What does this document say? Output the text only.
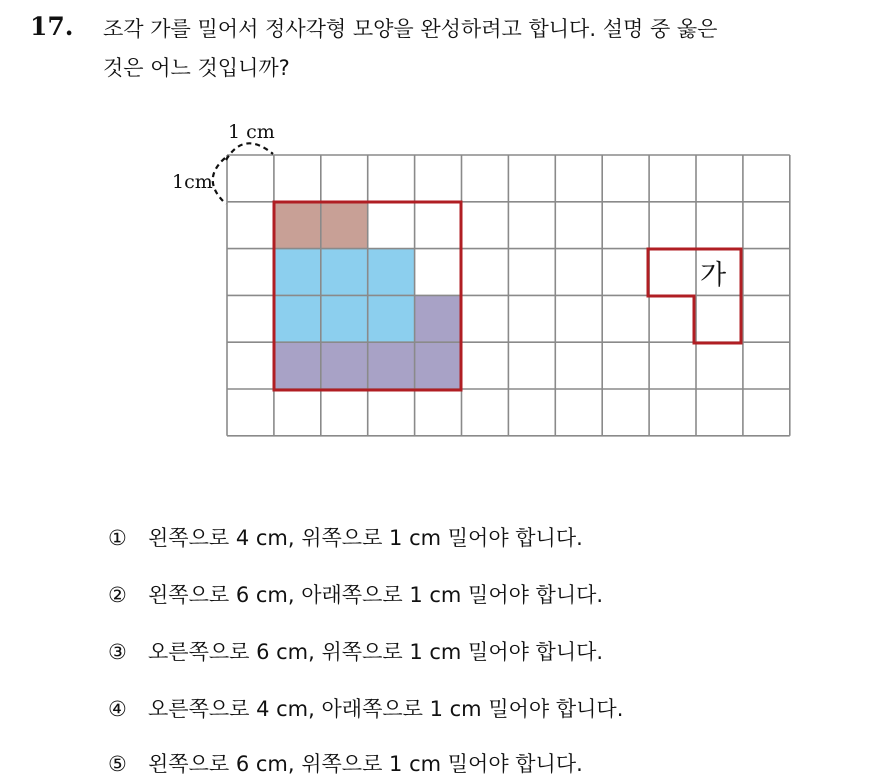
17. 조각 가를 밀어서 정사각형 모양을 완성하려고 합니다. 설명 중 옳은
것은 어느 것입니까?
가
1 cm
1cm
① 왼쪽으로 4 cm, 위쪽으로 1 cm 밀어야 합니다.
② 왼쪽으로 6 cm, 아래쪽으로 1 cm 밀어야 합니다.
③ 오른쪽으로 6 cm, 위쪽으로 1 cm 밀어야 합니다.
④ 오른쪽으로 4 cm, 아래쪽으로 1 cm 밀어야 합니다.
⑤ 왼쪽으로 6 cm, 위쪽으로 1 cm 밀어야 합니다.
